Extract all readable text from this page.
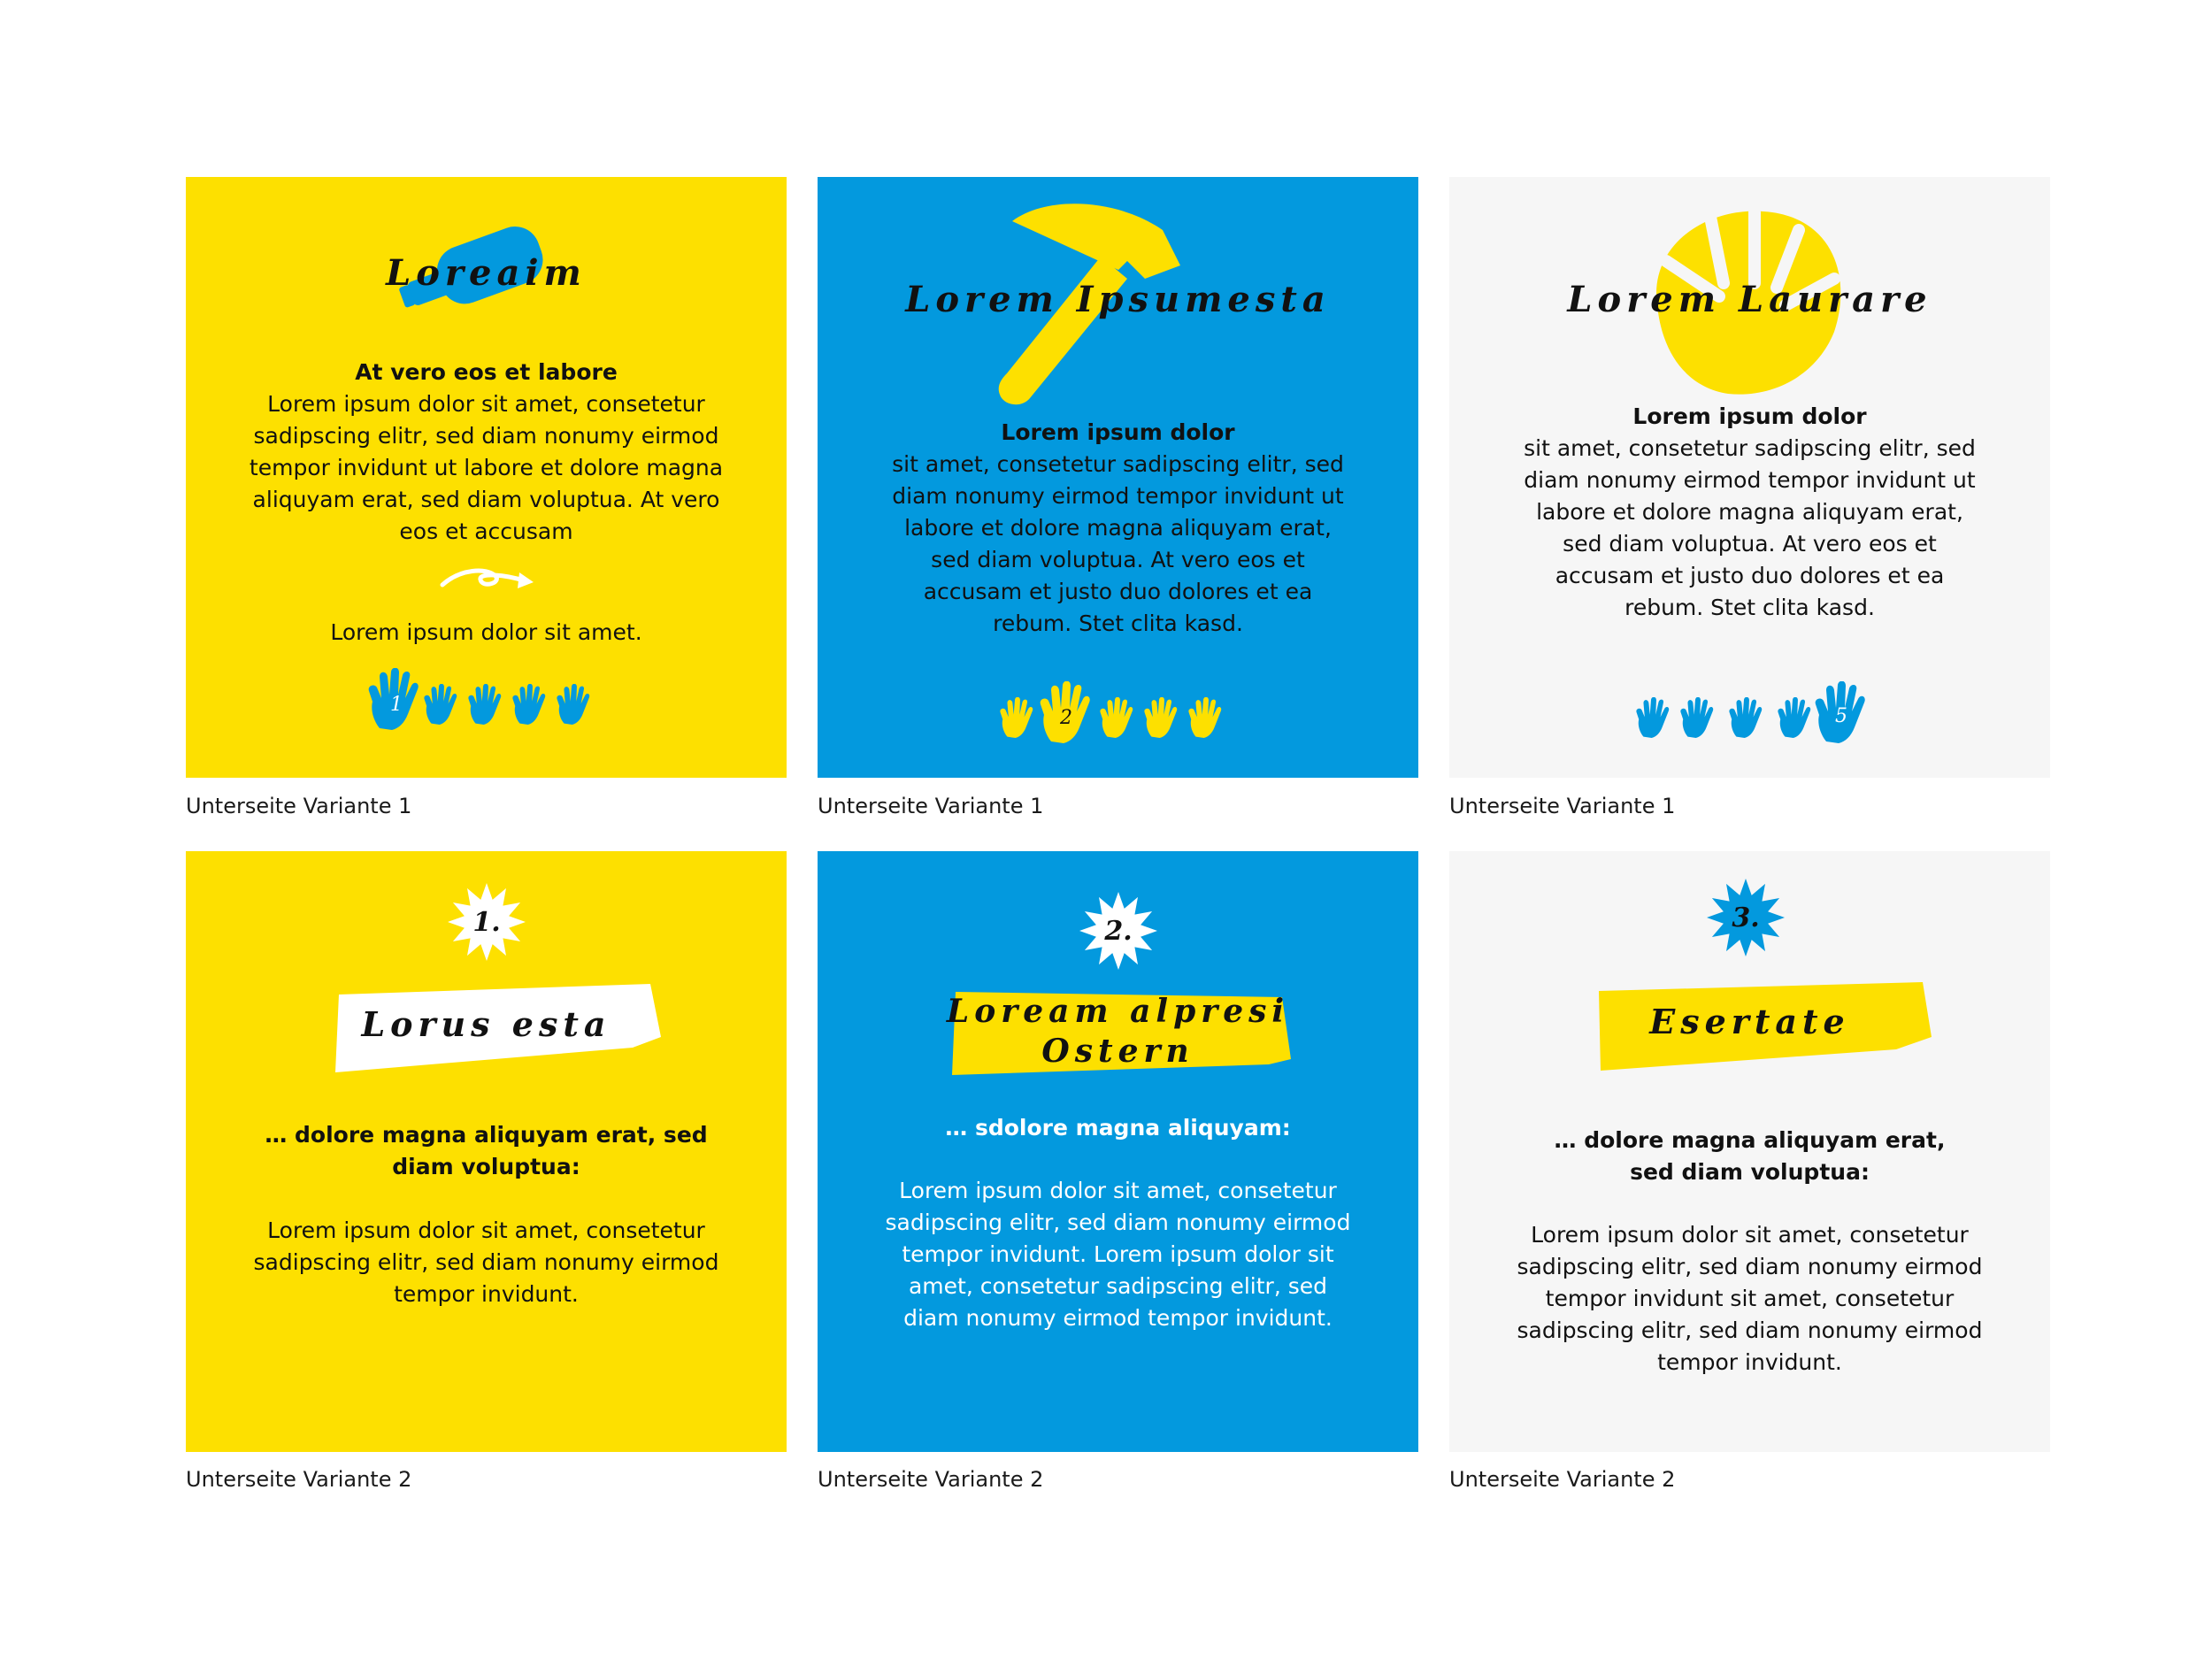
Loreaim
At vero eos et labore
Lorem ipsum dolor sit amet, consetetur sadipscing elitr, sed diam nonumy eirmod tempor invidunt ut labore et dolore magna aliquyam erat, sed diam voluptua. At vero eos et accusam
Lorem ipsum dolor sit amet.
1
Unterseite Variante 1
Lorem Ipsumesta
Lorem ipsum dolor
sit amet, consetetur sadipscing elitr, sed diam nonumy eirmod tempor invidunt ut labore et dolore magna aliquyam erat, sed diam voluptua. At vero eos et accusam et justo duo dolores et ea rebum. Stet clita kasd.
2
Unterseite Variante 1
Lorem Laurare
Lorem ipsum dolor
sit amet, consetetur sadipscing elitr, sed diam nonumy eirmod tempor invidunt ut labore et dolore magna aliquyam erat, sed diam voluptua. At vero eos et accusam et justo duo dolores et ea rebum. Stet clita kasd.
5
Unterseite Variante 1
1.
Lorus esta
… dolore magna aliquyam erat, sed diam voluptua:
Lorem ipsum dolor sit amet, consetetur sadipscing elitr, sed diam nonumy eirmod tempor invidunt.
Unterseite Variante 2
2.
Loream alpresi
Ostern
… sdolore magna aliquyam:
Lorem ipsum dolor sit amet, consetetur sadipscing elitr, sed diam nonumy eirmod tempor invidunt. Lorem ipsum dolor sit amet, consetetur sadipscing elitr, sed diam nonumy eirmod tempor invidunt.
Unterseite Variante 2
3.
Esertate
… dolore magna aliquyam erat, sed diam voluptua:
Lorem ipsum dolor sit amet, consetetur sadipscing elitr, sed diam nonumy eirmod tempor invidunt sit amet, consetetur sadipscing elitr, sed diam nonumy eirmod tempor invidunt.
Unterseite Variante 2
